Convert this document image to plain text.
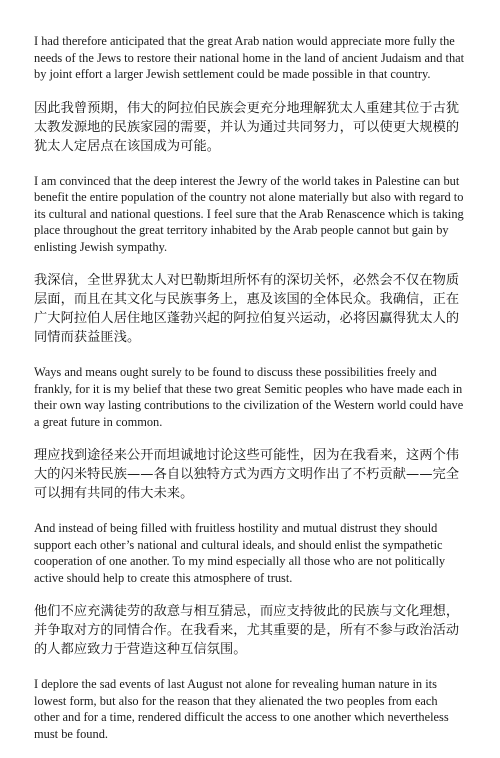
I had therefore anticipated that the great Arab nation would appreciate more fully the needs of the Jews to restore their national home in the land of ancient Judaism and that by joint effort a larger Jewish settlement could be made possible in that country.

因此我曾预期，伟大的阿拉伯民族会更充分地理解犹太人重建其位于古犹太教发源地的民族家园的需要，并认为通过共同努力，可以使更大规模的犹太人定居点在该国成为可能。

I am convinced that the deep interest the Jewry of the world takes in Palestine can but benefit the entire population of the country not alone materially but also with regard to its cultural and national questions. I feel sure that the Arab Renascence which is taking place throughout the great territory inhabited by the Arab people cannot but gain by enlisting Jewish sympathy.

我深信，全世界犹太人对巴勒斯坦所怀有的深切关怀，必然会不仅在物质层面，而且在其文化与民族事务上，惠及该国的全体民众。我确信，正在广大阿拉伯人居住地区蓬勃兴起的阿拉伯复兴运动，必将因赢得犹太人的同情而获益匪浅。

Ways and means ought surely to be found to discuss these possibilities freely and frankly, for it is my belief that these two great Semitic peoples who have made each in their own way lasting contributions to the civilization of the Western world could have a great future in common.

理应找到途径来公开而坦诚地讨论这些可能性，因为在我看来，这两个伟大的闪米特民族——各自以独特方式为西方文明作出了不朽贡献——完全可以拥有共同的伟大未来。

And instead of being filled with fruitless hostility and mutual distrust they should support each other’s national and cultural ideals, and should enlist the sympathetic cooperation of one another. To my mind especially all those who are not politically active should help to create this atmosphere of trust.

他们不应充满徒劳的敌意与相互猜忌，而应支持彼此的民族与文化理想，并争取对方的同情合作。在我看来，尤其重要的是，所有不参与政治活动的人都应致力于营造这种互信氛围。

I deplore the sad events of last August not alone for revealing human nature in its lowest form, but also for the reason that they alienated the two peoples from each other and for a time, rendered difficult the access to one another which nevertheless must be found.
